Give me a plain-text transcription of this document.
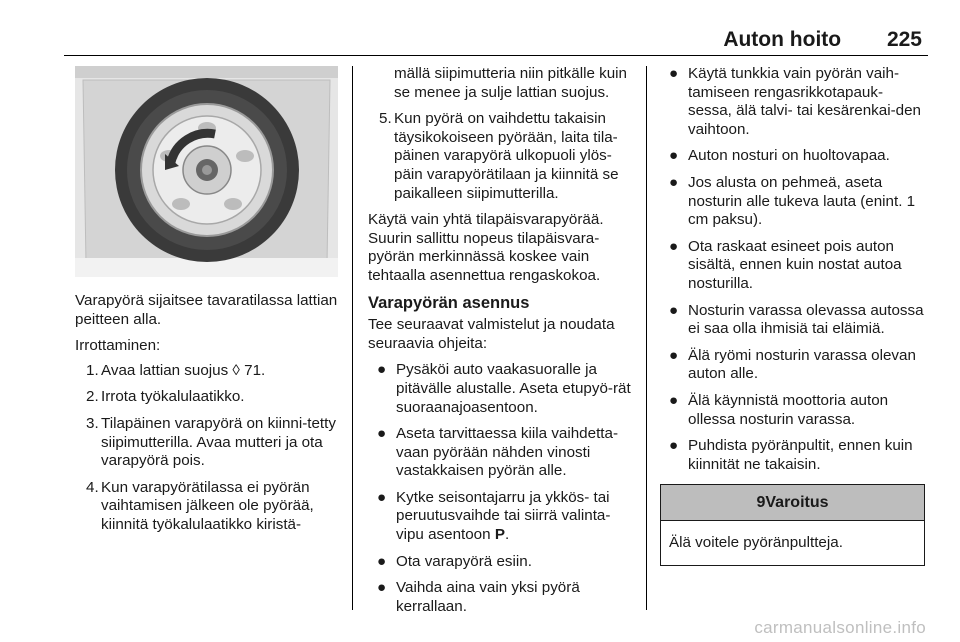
Auton hoito 225

Varapyörä sijaitsee tavaratilassa lattian peitteen alla.

Irrottaminen:

1. Avaa lattian suojus ◊ 71.
2. Irrota työkalulaatikko.
3. Tilapäinen varapyörä on kiinni-tetty siipimutterilla. Avaa mutteri ja ota varapyörä pois.
4. Kun varapyörätilassa ei pyörän vaihtamisen jälkeen ole pyörää, kiinnitä työkalulaatikko kiristä-

mällä siipimutteria niin pitkälle kuin se menee ja sulje lattian suojus.

5. Kun pyörä on vaihdettu takaisin täysikokoiseen pyörään, laita tila-päinen varapyörä ulkopuoli ylös-päin varapyörätilaan ja kiinnitä se paikalleen siipimutterilla.

Käytä vain yhtä tilapäisvarapyörää. Suurin sallittu nopeus tilapäisvara-pyörän merkinnässä koskee vain tehtaalla asennettua rengaskokoa.

Varapyörän asennus

Tee seuraavat valmistelut ja noudata seuraavia ohjeita:

● Pysäköi auto vaakasuoralle ja pitävälle alustalle. Aseta etupyö-rät suoraanajoasentoon.
● Aseta tarvittaessa kiila vaihdetta-vaan pyörään nähden vinosti vastakkaisen pyörän alle.
● Kytke seisontajarru ja ykkös- tai peruutusvaihde tai siirrä valinta-vipu asentoon P.
● Ota varapyörä esiin.
● Vaihda aina vain yksi pyörä kerrallaan.
● Käytä tunkkia vain pyörän vaih-tamiseen rengasrikkotapauk-sessa, älä talvi- tai kesärenkai-den vaihtoon.
● Auton nosturi on huoltovapaa.
● Jos alusta on pehmeä, aseta nosturin alle tukeva lauta (enint. 1 cm paksu).
● Ota raskaat esineet pois auton sisältä, ennen kuin nostat autoa nosturilla.
● Nosturin varassa olevassa autossa ei saa olla ihmisiä tai eläimiä.
● Älä ryömi nosturin varassa olevan auton alle.
● Älä käynnistä moottoria auton ollessa nosturin varassa.
● Puhdista pyöränpultit, ennen kuin kiinnität ne takaisin.
9Varoitus
Älä voitele pyöränpultteja.
carmanualsonline.info
